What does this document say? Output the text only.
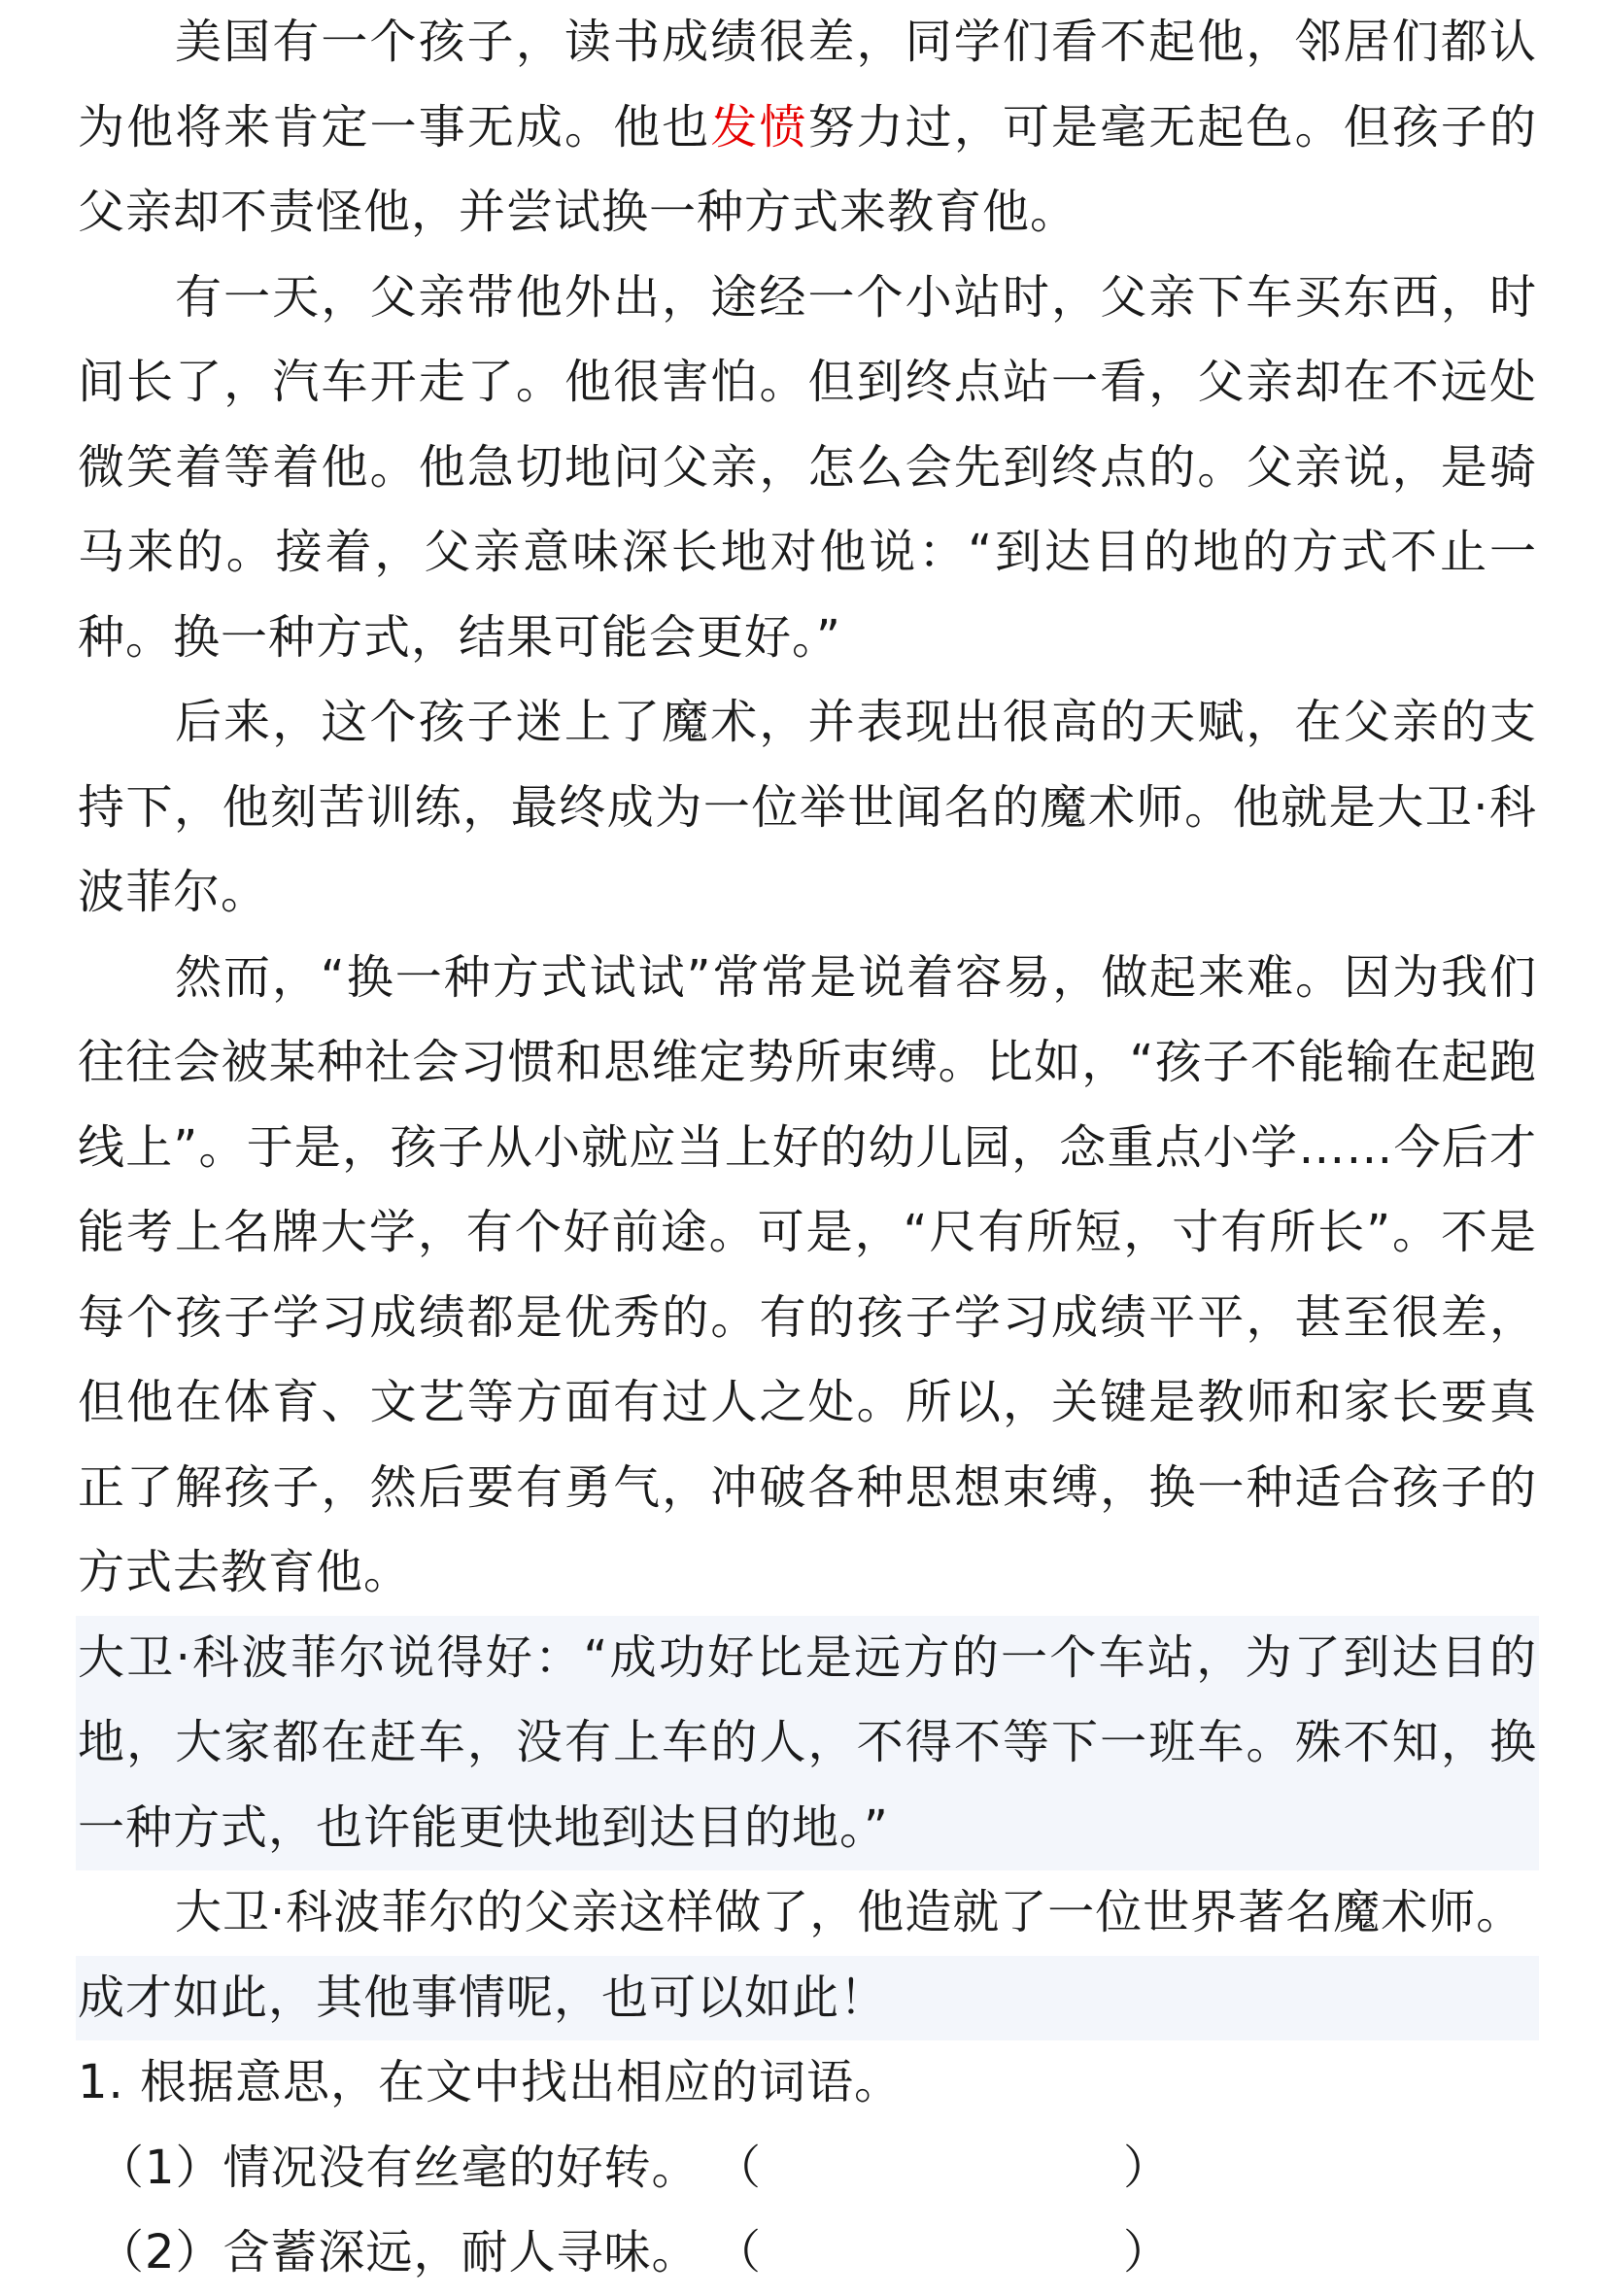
美国有一个孩子，读书成绩很差，同学们看不起他，邻居们都认为他将来肯定一事无成。他也发愤努力过，可是毫无起色。但孩子的父亲却不责怪他，并尝试换一种方式来教育他。

有一天，父亲带他外出，途经一个小站时，父亲下车买东西，时间长了，汽车开走了。他很害怕。但到终点站一看，父亲却在不远处微笑着等着他。他急切地问父亲，怎么会先到终点的。父亲说，是骑马来的。接着，父亲意味深长地对他说：“到达目的地的方式不止一种。换一种方式，结果可能会更好。”

后来，这个孩子迷上了魔术，并表现出很高的天赋，在父亲的支持下，他刻苦训练，最终成为一位举世闻名的魔术师。他就是大卫·科波菲尔。

然而，“换一种方式试试”常常是说着容易，做起来难。因为我们往往会被某种社会习惯和思维定势所束缚。比如，“孩子不能输在起跑线上”。于是，孩子从小就应当上好的幼儿园，念重点小学……今后才能考上名牌大学，有个好前途。可是，“尺有所短，寸有所长”。不是每个孩子学习成绩都是优秀的。有的孩子学习成绩平平，甚至很差，但他在体育、文艺等方面有过人之处。所以，关键是教师和家长要真正了解孩子，然后要有勇气，冲破各种思想束缚，换一种适合孩子的方式去教育他。

大卫·科波菲尔说得好：“成功好比是远方的一个车站，为了到达目的地，大家都在赶车，没有上车的人，不得不等下一班车。殊不知，换一种方式，也许能更快地到达目的地。”

大卫·科波菲尔的父亲这样做了，他造就了一位世界著名魔术师。

成才如此，其他事情呢，也可以如此！

1. 根据意思，在文中找出相应的词语。

（1）情况没有丝毫的好转。 （	）
（2）含蓄深远，耐人寻味。 （	）
